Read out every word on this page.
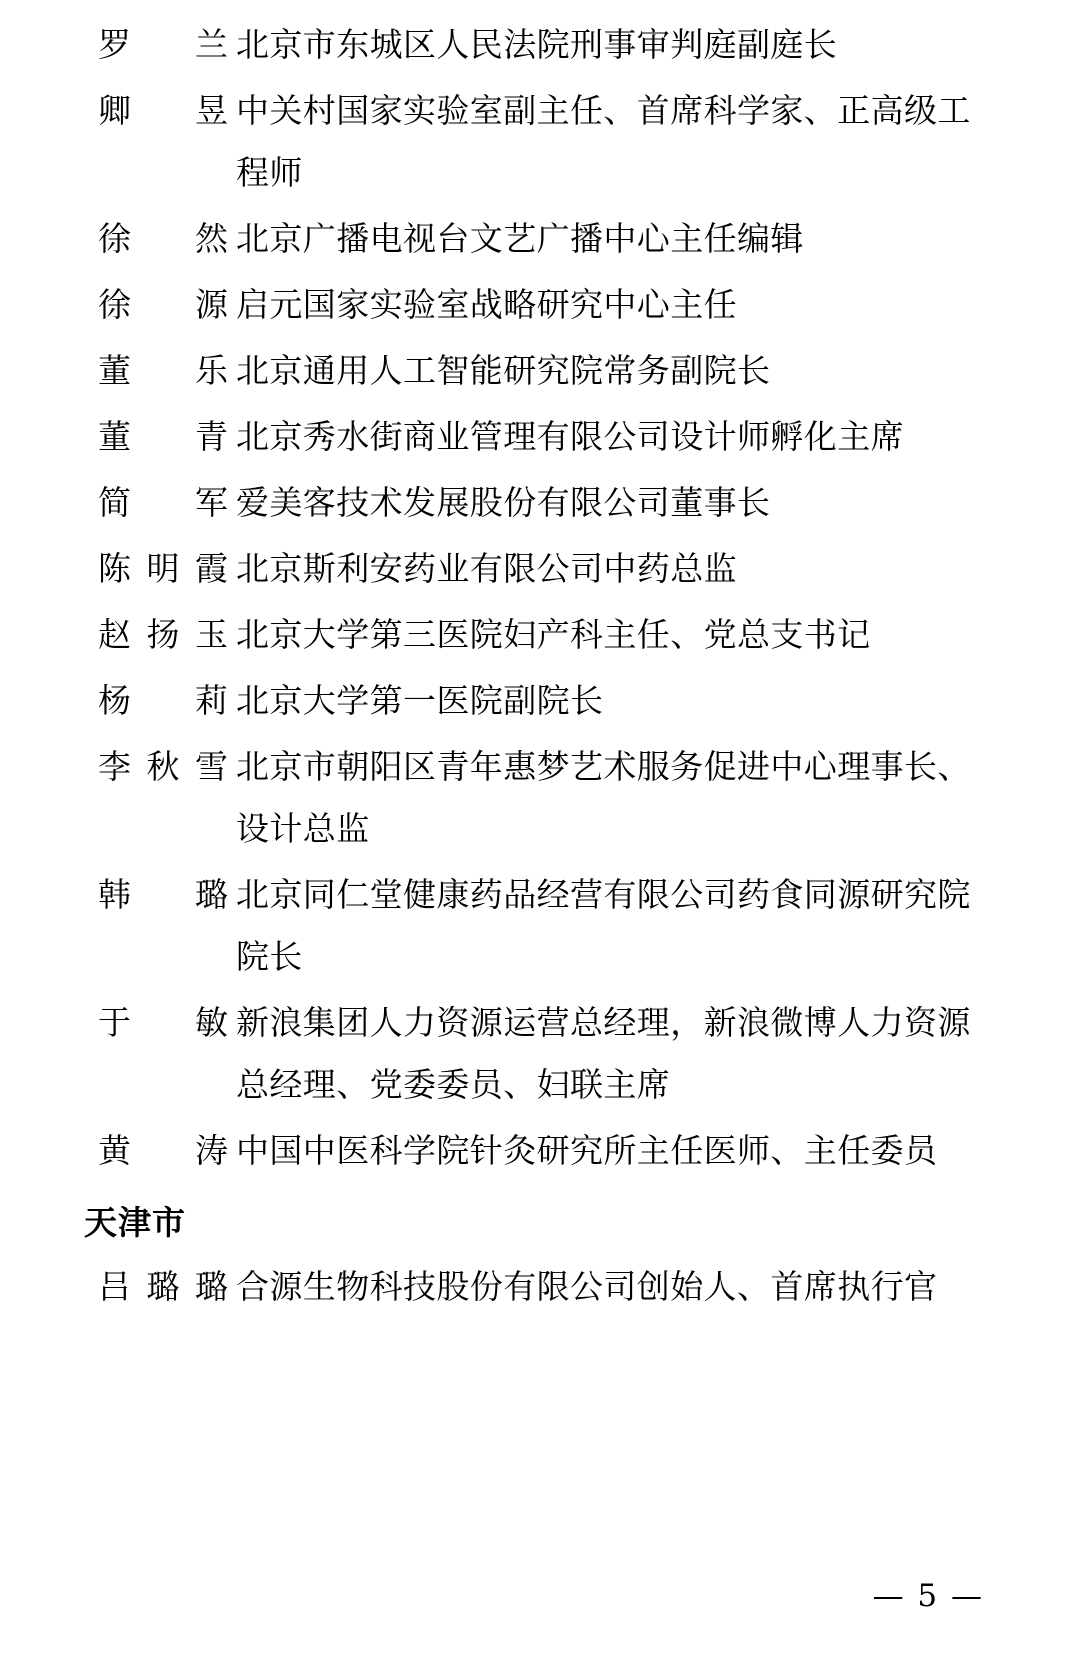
罗　兰 北京市东城区人民法院刑事审判庭副庭长
卿　昱 中关村国家实验室副主任、首席科学家、正高级工程师
徐　然 北京广播电视台文艺广播中心主任编辑
徐　源 启元国家实验室战略研究中心主任
董　乐 北京通用人工智能研究院常务副院长
董　青 北京秀水街商业管理有限公司设计师孵化主席
简　军 爱美客技术发展股份有限公司董事长
陈明霞 北京斯利安药业有限公司中药总监
赵扬玉 北京大学第三医院妇产科主任、党总支书记
杨　莉 北京大学第一医院副院长
李秋雪 北京市朝阳区青年惠梦艺术服务促进中心理事长、设计总监
韩　璐 北京同仁堂健康药品经营有限公司药食同源研究院院长
于　敏 新浪集团人力资源运营总经理，新浪微博人力资源总经理、党委委员、妇联主席
黄　涛 中国中医科学院针灸研究所主任医师、主任委员
天津市
吕璐璐 合源生物科技股份有限公司创始人、首席执行官
— 5 —
